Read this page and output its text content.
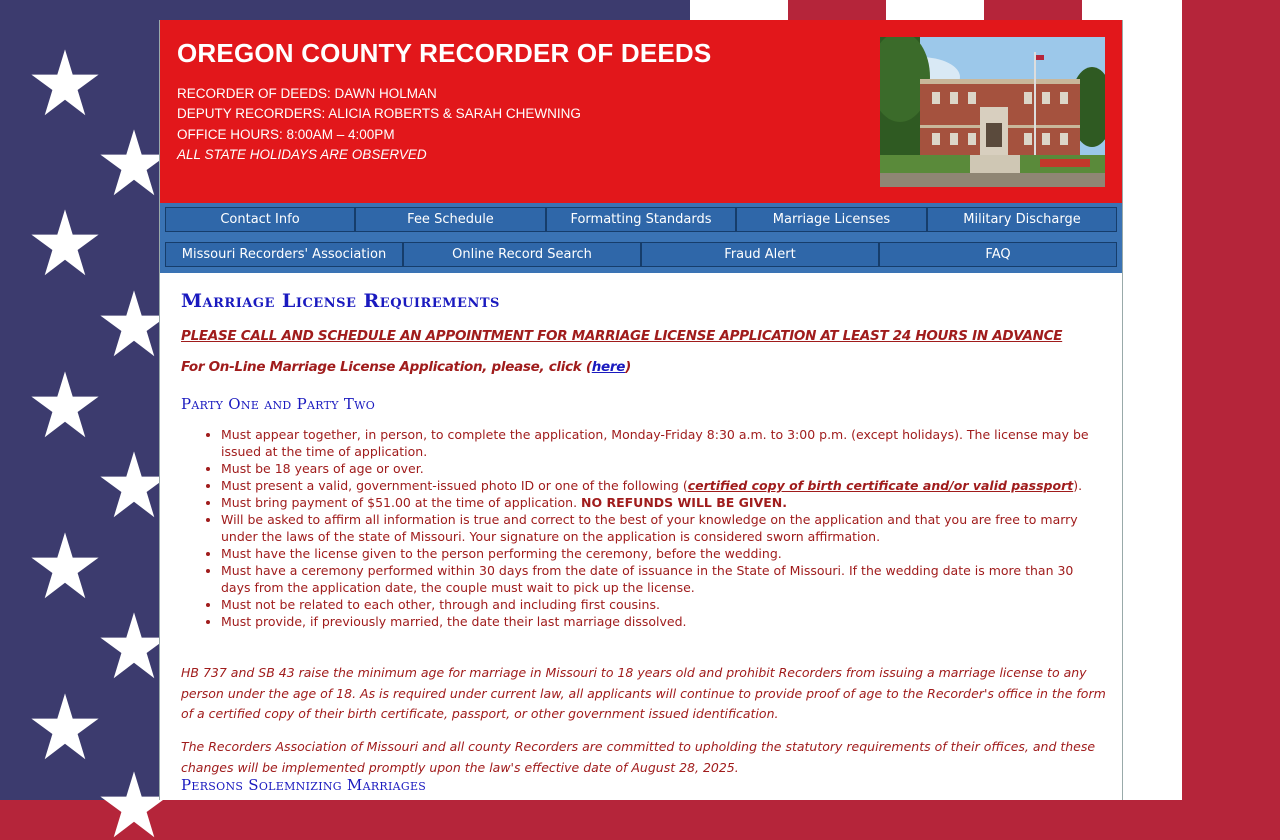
OREGON COUNTY RECORDER OF DEEDS
RECORDER OF DEEDS: DAWN HOLMAN
DEPUTY RECORDERS: ALICIA ROBERTS & SARAH CHEWNING
OFFICE HOURS: 8:00AM – 4:00PM
ALL STATE HOLIDAYS ARE OBSERVED
Contact Info	Fee Schedule	Formatting Standards	Marriage Licenses	Military Discharge
Missouri Recorders' Association	Online Record Search	Fraud Alert	FAQ
Marriage License Requirements
PLEASE CALL AND SCHEDULE AN APPOINTMENT FOR MARRIAGE LICENSE APPLICATION AT LEAST 24 HOURS IN ADVANCE
For On-Line Marriage License Application, please, click (here)
Party One and Party Two
• Must appear together, in person, to complete the application, Monday-Friday 8:30 a.m. to 3:00 p.m. (except holidays). The license may be issued at the time of application.
• Must be 18 years of age or over.
• Must present a valid, government-issued photo ID or one of the following (certified copy of birth certificate and/or valid passport).
• Must bring payment of $51.00 at the time of application. NO REFUNDS WILL BE GIVEN.
• Will be asked to affirm all information is true and correct to the best of your knowledge on the application and that you are free to marry under the laws of the state of Missouri. Your signature on the application is considered sworn affirmation.
• Must have the license given to the person performing the ceremony, before the wedding.
• Must have a ceremony performed within 30 days from the date of issuance in the State of Missouri. If the wedding date is more than 30 days from the application date, the couple must wait to pick up the license.
• Must not be related to each other, through and including first cousins.
• Must provide, if previously married, the date their last marriage dissolved.
HB 737 and SB 43 raise the minimum age for marriage in Missouri to 18 years old and prohibit Recorders from issuing a marriage license to any person under the age of 18. As is required under current law, all applicants will continue to provide proof of age to the Recorder's office in the form of a certified copy of their birth certificate, passport, or other government issued identification.
The Recorders Association of Missouri and all county Recorders are committed to upholding the statutory requirements of their offices, and these changes will be implemented promptly upon the law's effective date of August 28, 2025.
Persons Solemnizing Marriages
